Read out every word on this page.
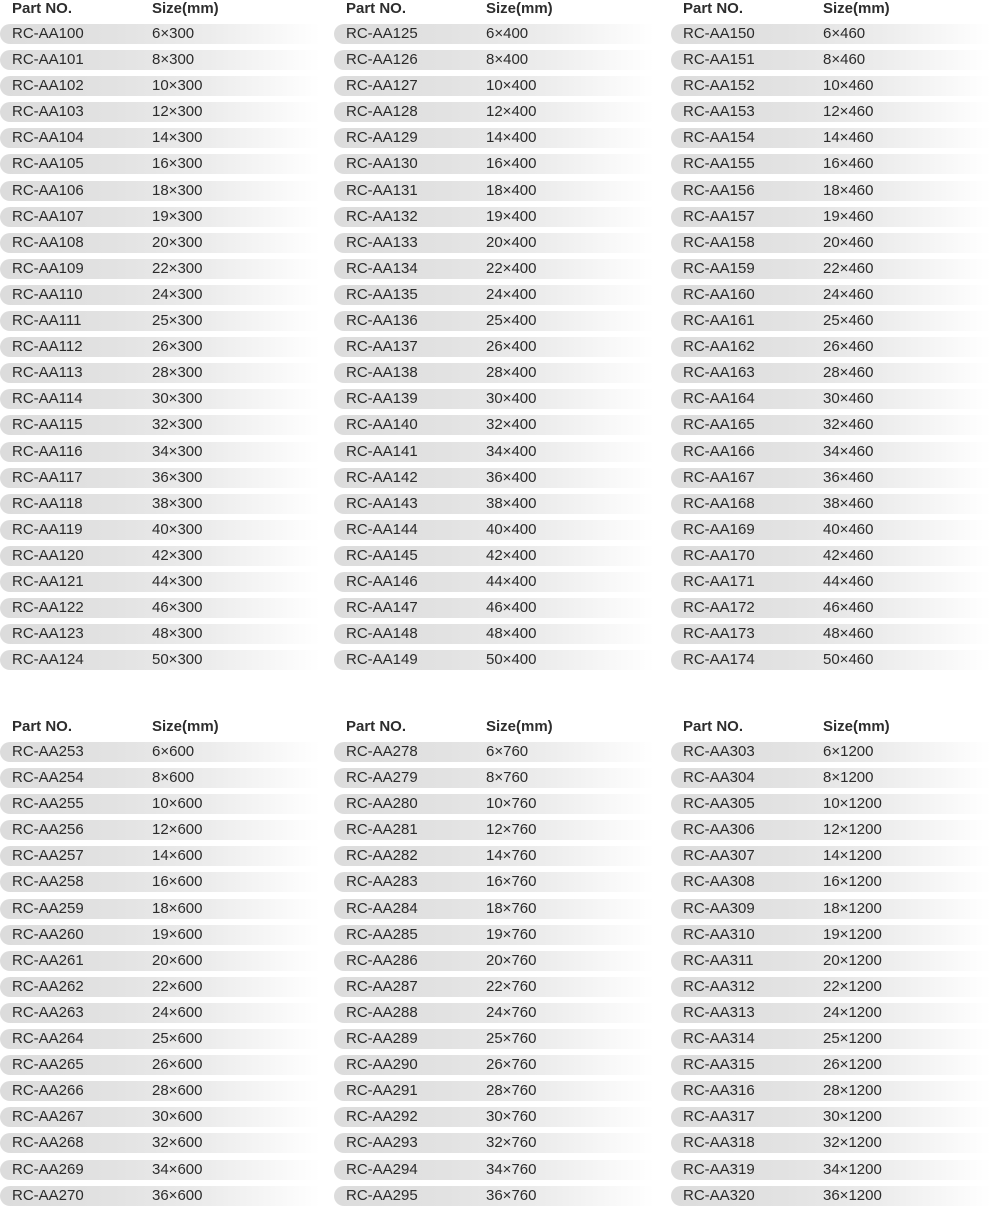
Part NO.	Size(mm)
RC-AA100	6×300
RC-AA101	8×300
RC-AA102	10×300
RC-AA103	12×300
RC-AA104	14×300
RC-AA105	16×300
RC-AA106	18×300
RC-AA107	19×300
RC-AA108	20×300
RC-AA109	22×300
RC-AA110	24×300
RC-AA111	25×300
RC-AA112	26×300
RC-AA113	28×300
RC-AA114	30×300
RC-AA115	32×300
RC-AA116	34×300
RC-AA117	36×300
RC-AA118	38×300
RC-AA119	40×300
RC-AA120	42×300
RC-AA121	44×300
RC-AA122	46×300
RC-AA123	48×300
RC-AA124	50×300
Part NO.	Size(mm)
RC-AA125	6×400
RC-AA126	8×400
RC-AA127	10×400
RC-AA128	12×400
RC-AA129	14×400
RC-AA130	16×400
RC-AA131	18×400
RC-AA132	19×400
RC-AA133	20×400
RC-AA134	22×400
RC-AA135	24×400
RC-AA136	25×400
RC-AA137	26×400
RC-AA138	28×400
RC-AA139	30×400
RC-AA140	32×400
RC-AA141	34×400
RC-AA142	36×400
RC-AA143	38×400
RC-AA144	40×400
RC-AA145	42×400
RC-AA146	44×400
RC-AA147	46×400
RC-AA148	48×400
RC-AA149	50×400
Part NO.	Size(mm)
RC-AA150	6×460
RC-AA151	8×460
RC-AA152	10×460
RC-AA153	12×460
RC-AA154	14×460
RC-AA155	16×460
RC-AA156	18×460
RC-AA157	19×460
RC-AA158	20×460
RC-AA159	22×460
RC-AA160	24×460
RC-AA161	25×460
RC-AA162	26×460
RC-AA163	28×460
RC-AA164	30×460
RC-AA165	32×460
RC-AA166	34×460
RC-AA167	36×460
RC-AA168	38×460
RC-AA169	40×460
RC-AA170	42×460
RC-AA171	44×460
RC-AA172	46×460
RC-AA173	48×460
RC-AA174	50×460
Part NO.	Size(mm)
RC-AA253	6×600
RC-AA254	8×600
RC-AA255	10×600
RC-AA256	12×600
RC-AA257	14×600
RC-AA258	16×600
RC-AA259	18×600
RC-AA260	19×600
RC-AA261	20×600
RC-AA262	22×600
RC-AA263	24×600
RC-AA264	25×600
RC-AA265	26×600
RC-AA266	28×600
RC-AA267	30×600
RC-AA268	32×600
RC-AA269	34×600
RC-AA270	36×600
Part NO.	Size(mm)
RC-AA278	6×760
RC-AA279	8×760
RC-AA280	10×760
RC-AA281	12×760
RC-AA282	14×760
RC-AA283	16×760
RC-AA284	18×760
RC-AA285	19×760
RC-AA286	20×760
RC-AA287	22×760
RC-AA288	24×760
RC-AA289	25×760
RC-AA290	26×760
RC-AA291	28×760
RC-AA292	30×760
RC-AA293	32×760
RC-AA294	34×760
RC-AA295	36×760
Part NO.	Size(mm)
RC-AA303	6×1200
RC-AA304	8×1200
RC-AA305	10×1200
RC-AA306	12×1200
RC-AA307	14×1200
RC-AA308	16×1200
RC-AA309	18×1200
RC-AA310	19×1200
RC-AA311	20×1200
RC-AA312	22×1200
RC-AA313	24×1200
RC-AA314	25×1200
RC-AA315	26×1200
RC-AA316	28×1200
RC-AA317	30×1200
RC-AA318	32×1200
RC-AA319	34×1200
RC-AA320	36×1200
